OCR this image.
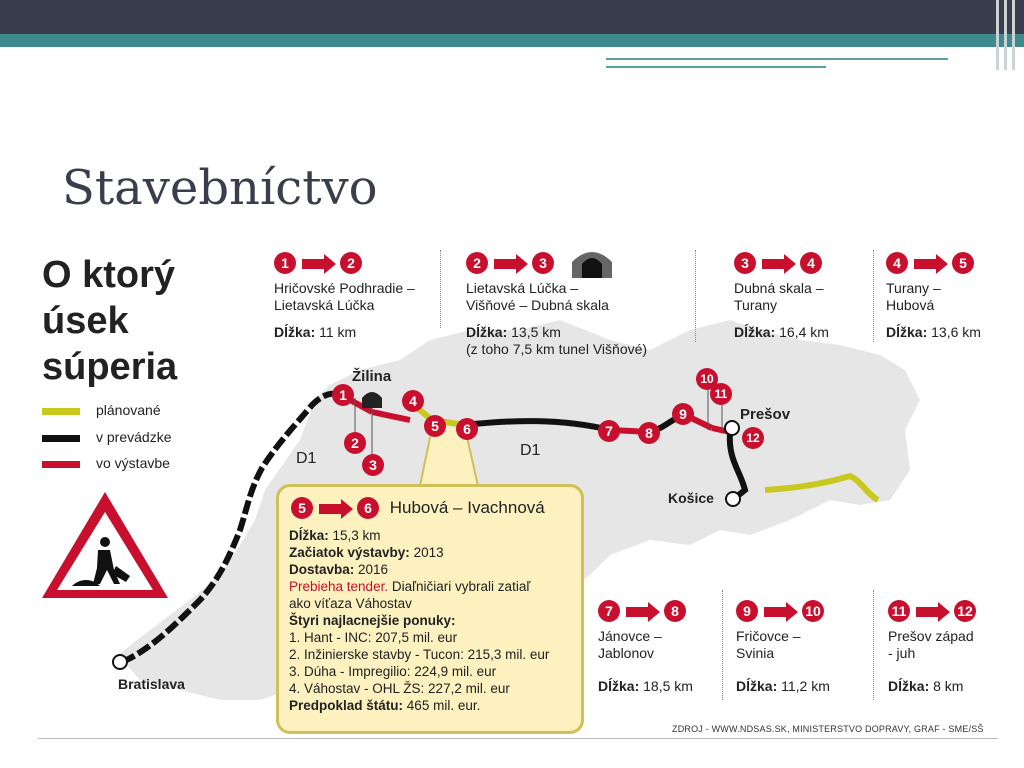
Stavebníctvo
O ktorý
úsek
súperia
plánované
v prevádzke
vo výstavbe
Žilina
Prešov
Košice
Bratislava
D1	D1
1
2
3
4
5	6	7	8
9
10
11
12
1	2
Hričovské Podhradie –
Lietavská Lúčka
Dĺžka: 11 km
2	3
Lietavská Lúčka –
Višňové – Dubná skala
Dĺžka: 13,5 km
(z toho 7,5 km tunel Višňové)
3	4
Dubná skala –
Turany
Dĺžka: 16,4 km
4	5
Turany –
Hubová
Dĺžka: 13,6 km
7	8
Jánovce –
Jablonov
Dĺžka: 18,5 km
9	10
Fričovce –
Svinia
Dĺžka: 11,2 km
11	12
Prešov západ
- juh
Dĺžka: 8 km
5	6 Hubová – Ivachnová
Dĺžka: 15,3 km
Začiatok výstavby: 2013
Dostavba: 2016
Prebieha tender. Diaľničiari vybrali zatiaľ
ako víťaza Váhostav
Štyri najlacnejšie ponuky:
1. Hant - INC: 207,5 mil. eur
2. Inžinierske stavby - Tucon: 215,3 mil. eur
3. Dúha - Impregilio: 224,9 mil. eur
4. Váhostav - OHL ŽS: 227,2 mil. eur
Predpoklad štátu: 465 mil. eur.
ZDROJ - WWW.NDSAS.SK, MINISTERSTVO DOPRAVY, GRAF - SME/SŠ
